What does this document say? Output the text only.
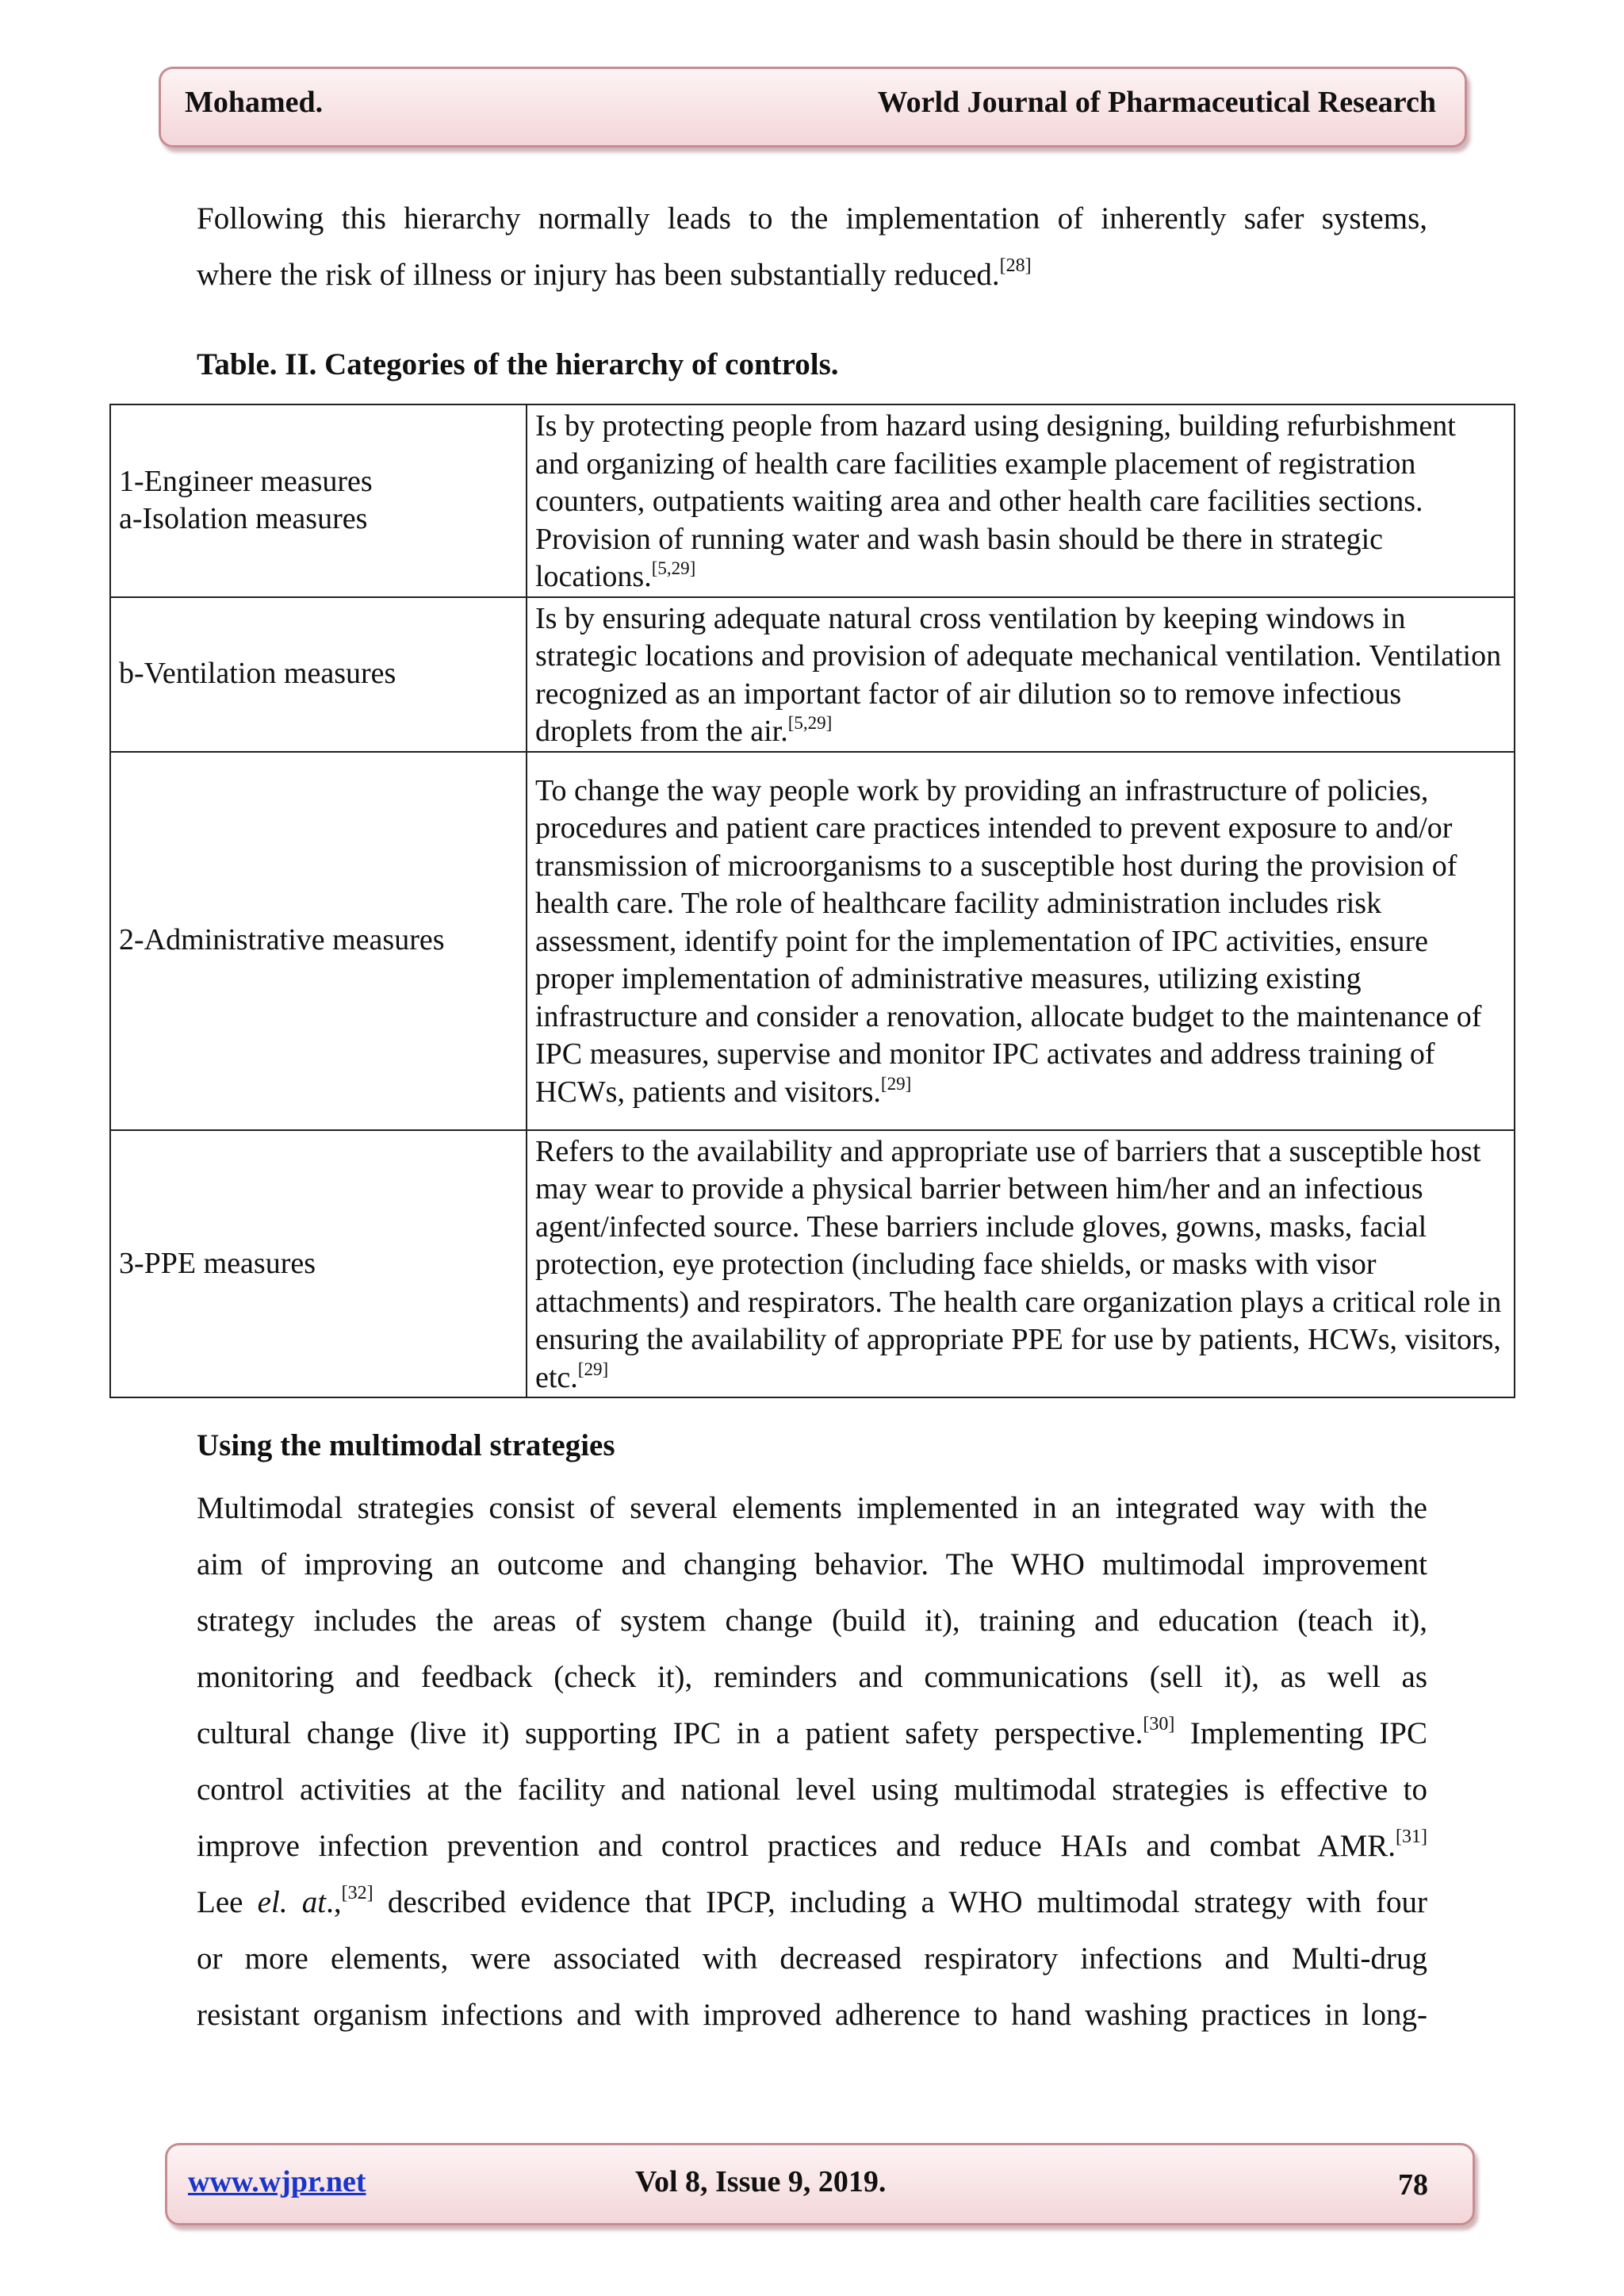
Mohamed.	World Journal of Pharmaceutical Research

Following this hierarchy normally leads to the implementation of inherently safer systems,
where the risk of illness or injury has been substantially reduced.[28]

Table. II. Categories of the hierarchy of controls.
1-Engineer measures
a-Isolation measures	Is by protecting people from hazard using designing, building refurbishment and organizing of health care facilities example placement of registration counters, outpatients waiting area and other health care facilities sections. Provision of running water and wash basin should be there in strategic locations.[5,29]

b-Ventilation measures	Is by ensuring adequate natural cross ventilation by keeping windows in strategic locations and provision of adequate mechanical ventilation. Ventilation recognized as an important factor of air dilution so to remove infectious droplets from the air.[5,29]

2-Administrative measures	To change the way people work by providing an infrastructure of policies, procedures and patient care practices intended to prevent exposure to and/or transmission of microorganisms to a susceptible host during the provision of health care. The role of healthcare facility administration includes risk assessment, identify point for the implementation of IPC activities, ensure proper implementation of administrative measures, utilizing existing infrastructure and consider a renovation, allocate budget to the maintenance of IPC measures, supervise and monitor IPC activates and address training of HCWs, patients and visitors.[29]

3-PPE measures	Refers to the availability and appropriate use of barriers that a susceptible host may wear to provide a physical barrier between him/her and an infectious agent/infected source. These barriers include gloves, gowns, masks, facial protection, eye protection (including face shields, or masks with visor attachments) and respirators. The health care organization plays a critical role in ensuring the availability of appropriate PPE for use by patients, HCWs, visitors, etc.[29]
Using the multimodal strategies

Multimodal strategies consist of several elements implemented in an integrated way with the
aim of improving an outcome and changing behavior. The WHO multimodal improvement
strategy includes the areas of system change (build it), training and education (teach it),
monitoring and feedback (check it), reminders and communications (sell it), as well as
cultural change (live it) supporting IPC in a patient safety perspective.[30] Implementing IPC
control activities at the facility and national level using multimodal strategies is effective to
improve infection prevention and control practices and reduce HAIs and combat AMR.[31]
Lee el. at.,[32] described evidence that IPCP, including a WHO multimodal strategy with four
or more elements, were associated with decreased respiratory infections and Multi-drug
resistant organism infections and with improved adherence to hand washing practices in long-

www.wjpr.net	Vol 8, Issue 9, 2019.	78
